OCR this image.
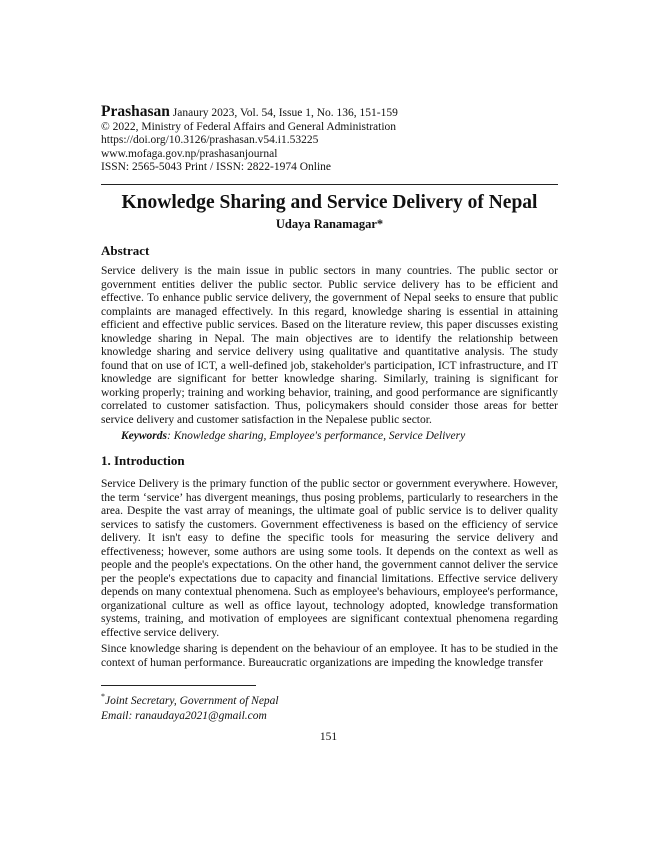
Prashasan Janaury 2023, Vol. 54, Issue 1, No. 136, 151-159
© 2022, Ministry of Federal Affairs and General Administration
https://doi.org/10.3126/prashasan.v54.i1.53225
www.mofaga.gov.np/prashasanjournal
ISSN: 2565-5043 Print / ISSN: 2822-1974 Online
Knowledge Sharing and Service Delivery of Nepal
Udaya Ranamagar*
Abstract

Service delivery is the main issue in public sectors in many countries. The public sector or government entities deliver the public sector. Public service delivery has to be efficient and effective. To enhance public service delivery, the government of Nepal seeks to ensure that public complaints are managed effectively. In this regard, knowledge sharing is essential in attaining efficient and effective public services. Based on the literature review, this paper discusses existing knowledge sharing in Nepal. The main objectives are to identify the relationship between knowledge sharing and service delivery using qualitative and quantitative analysis. The study found that on use of ICT, a well-defined job, stakeholder's participation, ICT infrastructure, and IT knowledge are significant for better knowledge sharing. Similarly, training is significant for working properly; training and working behavior, training, and good performance are significantly correlated to customer satisfaction. Thus, policymakers should consider those areas for better service delivery and customer satisfaction in the Nepalese public sector.

Keywords: Knowledge sharing, Employee's performance, Service Delivery
1. Introduction

Service Delivery is the primary function of the public sector or government everywhere. However, the term ‘service’ has divergent meanings, thus posing problems, particularly to researchers in the area. Despite the vast array of meanings, the ultimate goal of public service is to deliver quality services to satisfy the customers. Government effectiveness is based on the efficiency of service delivery. It isn't easy to define the specific tools for measuring the service delivery and effectiveness; however, some authors are using some tools. It depends on the context as well as people and the people's expectations. On the other hand, the government cannot deliver the service per the people's expectations due to capacity and financial limitations. Effective service delivery depends on many contextual phenomena. Such as employee's behaviours, employee's performance, organizational culture as well as office layout, technology adopted, knowledge transformation systems, training, and motivation of employees are significant contextual phenomena regarding effective service delivery.

Since knowledge sharing is dependent on the behaviour of an employee. It has to be studied in the context of human performance. Bureaucratic organizations are impeding the knowledge transfer

*Joint Secretary, Government of Nepal
Email: ranaudaya2021@gmail.com
151
